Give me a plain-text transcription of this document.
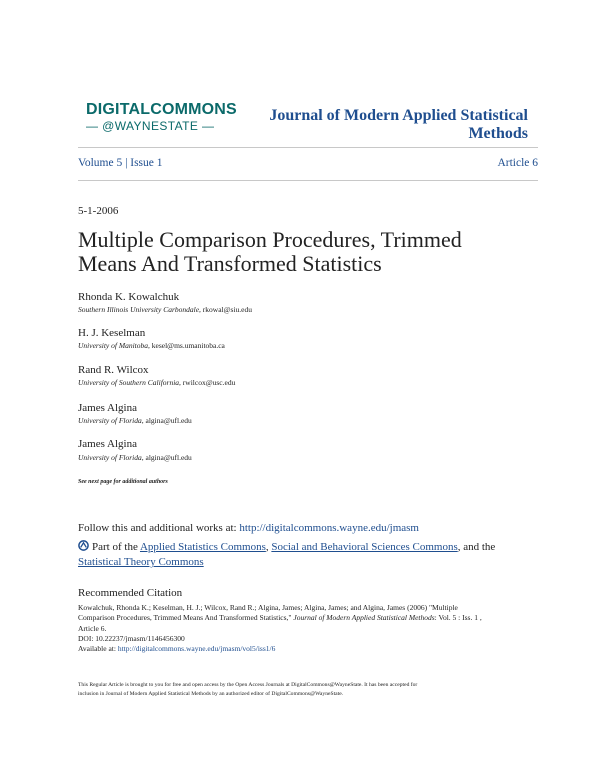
DIGITALCOMMONS
— @WAYNESTATE —
Journal of Modern Applied Statistical
Methods
Volume 5 | Issue 1	Article 6
5-1-2006
Multiple Comparison Procedures, Trimmed
Means And Transformed Statistics
Rhonda K. Kowalchuk
Southern Illinois University Carbondale, rkowal@siu.edu
H. J. Keselman
University of Manitoba, kesel@ms.umanitoba.ca
Rand R. Wilcox
University of Southern California, rwilcox@usc.edu
James Algina
University of Florida, algina@ufl.edu
James Algina
University of Florida, algina@ufl.edu
See next page for additional authors
Follow this and additional works at: http://digitalcommons.wayne.edu/jmasm
Part of the Applied Statistics Commons, Social and Behavioral Sciences Commons, and the
Statistical Theory Commons
Recommended Citation
Kowalchuk, Rhonda K.; Keselman, H. J.; Wilcox, Rand R.; Algina, James; Algina, James; and Algina, James (2006) "Multiple
Comparison Procedures, Trimmed Means And Transformed Statistics," Journal of Modern Applied Statistical Methods: Vol. 5 : Iss. 1 ,
Article 6.
DOI: 10.22237/jmasm/1146456300
Available at: http://digitalcommons.wayne.edu/jmasm/vol5/iss1/6
This Regular Article is brought to you for free and open access by the Open Access Journals at DigitalCommons@WayneState. It has been accepted for
inclusion in Journal of Modern Applied Statistical Methods by an authorized editor of DigitalCommons@WayneState.
